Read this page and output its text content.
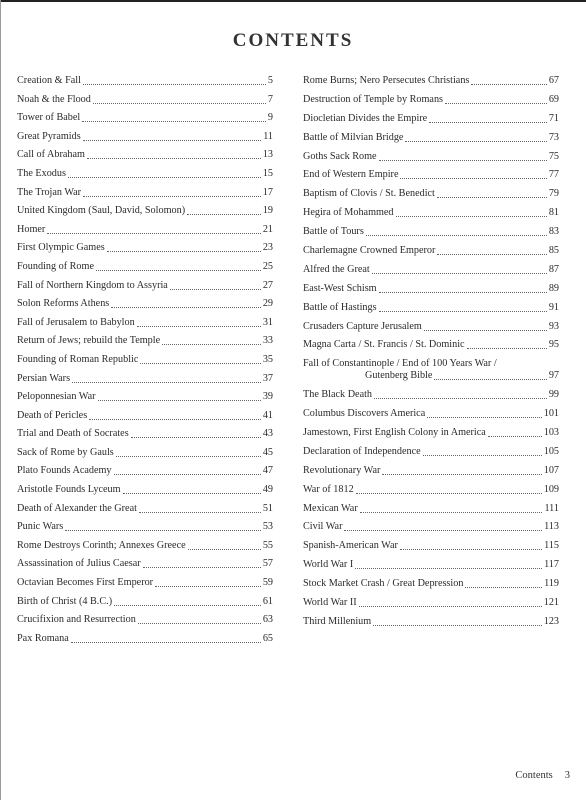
CONTENTS
Creation & Fall	5
Noah & the Flood	7
Tower of Babel	9
Great Pyramids	11
Call of Abraham	13
The Exodus	15
The Trojan War	17
United Kingdom (Saul, David, Solomon)	19
Homer	21
First Olympic Games	23
Founding of Rome	25
Fall of Northern Kingdom to Assyria	27
Solon Reforms Athens	29
Fall of Jerusalem to Babylon	31
Return of Jews; rebuild the Temple	33
Founding of Roman Republic	35
Persian Wars	37
Peloponnesian War	39
Death of Pericles	41
Trial and Death of Socrates	43
Sack of Rome by Gauls	45
Plato Founds Academy	47
Aristotle Founds Lyceum	49
Death of Alexander the Great	51
Punic Wars	53
Rome Destroys Corinth; Annexes Greece	55
Assassination of Julius Caesar	57
Octavian Becomes First Emperor	59
Birth of Christ (4 B.C.)	61
Crucifixion and Resurrection	63
Pax Romana	65
Rome Burns; Nero Persecutes Christians	67
Destruction of Temple by Romans	69
Diocletian Divides the Empire	71
Battle of Milvian Bridge	73
Goths Sack Rome	75
End of Western Empire	77
Baptism of Clovis / St. Benedict	79
Hegira of Mohammed	81
Battle of Tours	83
Charlemagne Crowned Emperor	85
Alfred the Great	87
East-West Schism	89
Battle of Hastings	91
Crusaders Capture Jerusalem	93
Magna Carta / St. Francis / St. Dominic	95
Fall of Constantinople / End of 100 Years War /
Gutenberg Bible	97
The Black Death	99
Columbus Discovers America	101
Jamestown, First English Colony in America	103
Declaration of Independence	105
Revolutionary War	107
War of 1812	109
Mexican War	111
Civil War	113
Spanish-American War	115
World War I	117
Stock Market Crash / Great Depression	119
World War II	121
Third Millenium	123
Contents 3
